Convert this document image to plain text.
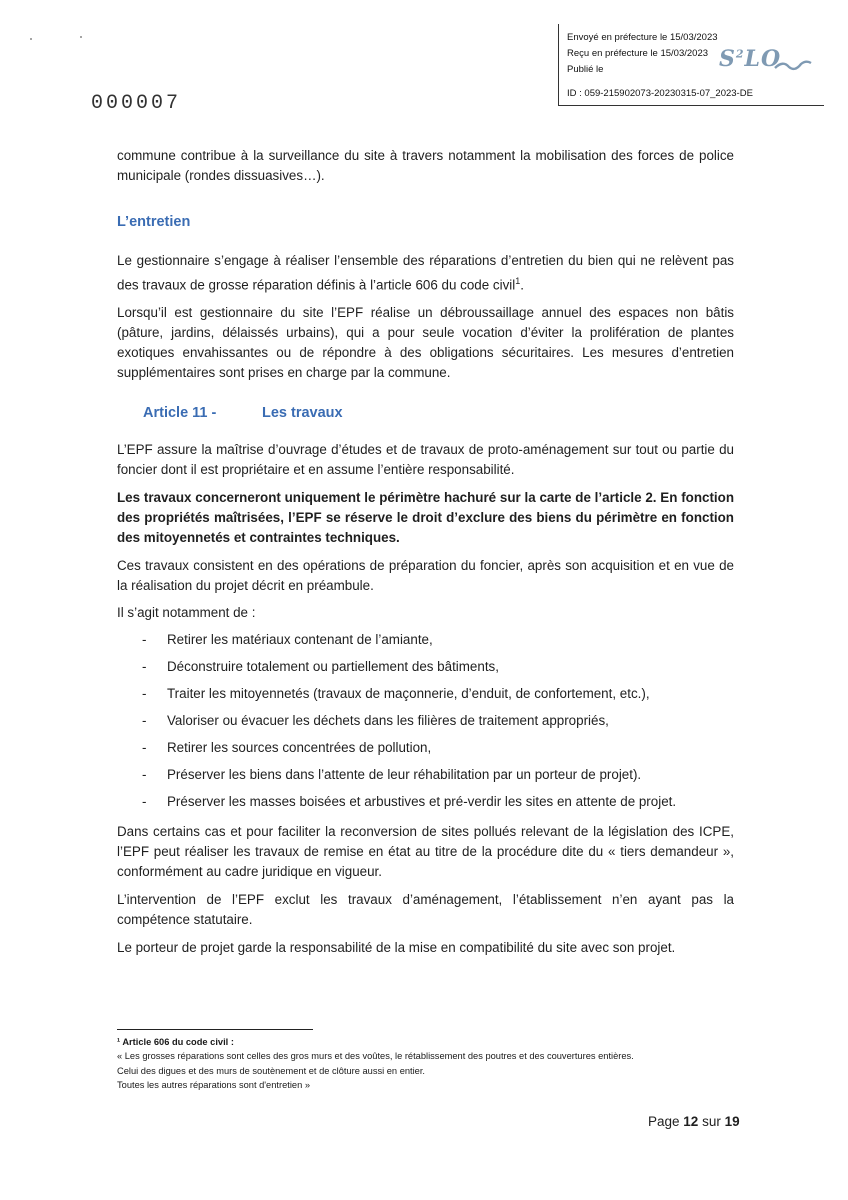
Envoyé en préfecture le 15/03/2023
Reçu en préfecture le 15/03/2023
Publié le
ID : 059-215902073-20230315-07_2023-DE
$S^2LO$
000007

commune contribue à la surveillance du site à travers notamment la mobilisation des forces de police municipale (rondes dissuasives…).

L’entretien

Le gestionnaire s’engage à réaliser l’ensemble des réparations d’entretien du bien qui ne relèvent pas des travaux de grosse réparation définis à l’article 606 du code civil$^1$.

Lorsqu’il est gestionnaire du site l’EPF réalise un débroussaillage annuel des espaces non bâtis (pâture, jardins, délaissés urbains), qui a pour seule vocation d’éviter la prolifération de plantes exotiques envahissantes ou de répondre à des obligations sécuritaires. Les mesures d’entretien supplémentaires sont prises en charge par la commune.

Article 11 -	Les travaux

L’EPF assure la maîtrise d’ouvrage d’études et de travaux de proto-aménagement sur tout ou partie du foncier dont il est propriétaire et en assume l’entière responsabilité.

Les travaux concerneront uniquement le périmètre hachuré sur la carte de l’article 2. En fonction des propriétés maîtrisées, l’EPF se réserve le droit d’exclure des biens du périmètre en fonction des mitoyennetés et contraintes techniques.

Ces travaux consistent en des opérations de préparation du foncier, après son acquisition et en vue de la réalisation du projet décrit en préambule.

Il s’agit notamment de :

- Retirer les matériaux contenant de l’amiante,
- Déconstruire totalement ou partiellement des bâtiments,
- Traiter les mitoyennetés (travaux de maçonnerie, d’enduit, de confortement, etc.),
- Valoriser ou évacuer les déchets dans les filières de traitement appropriés,
- Retirer les sources concentrées de pollution,
- Préserver les biens dans l’attente de leur réhabilitation par un porteur de projet).
- Préserver les masses boisées et arbustives et pré-verdir les sites en attente de projet.

Dans certains cas et pour faciliter la reconversion de sites pollués relevant de la législation des ICPE, l’EPF peut réaliser les travaux de remise en état au titre de la procédure dite du « tiers demandeur », conformément au cadre juridique en vigueur.

L’intervention de l’EPF exclut les travaux d’aménagement, l’établissement n’en ayant pas la compétence statutaire.

Le porteur de projet garde la responsabilité de la mise en compatibilité du site avec son projet.

¹ Article 606 du code civil :
« Les grosses réparations sont celles des gros murs et des voûtes, le rétablissement des poutres et des couvertures entières.
Celui des digues et des murs de soutènement et de clôture aussi en entier.
Toutes les autres réparations sont d'entretien »
Page 12 sur 19
